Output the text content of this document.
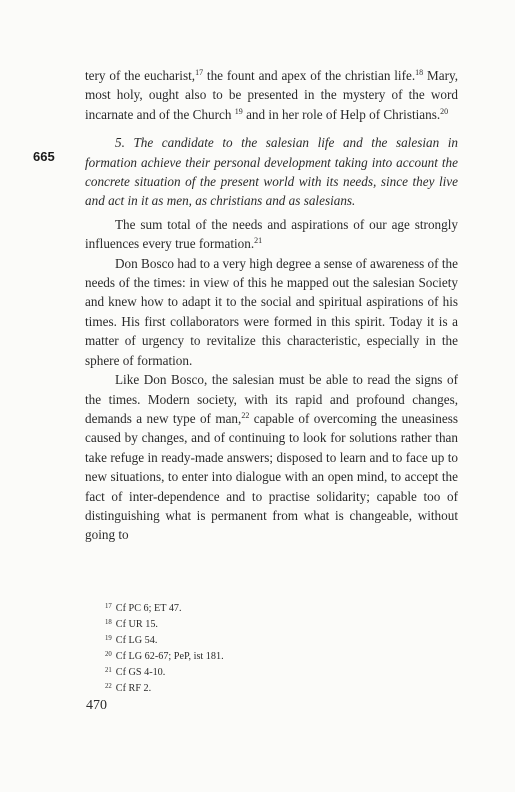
665

tery of the eucharist,$^{17}$ the fount and apex of the christian life.$^{18}$ Mary, most holy, ought also to be presented in the mystery of the word incarnate and of the Church $^{19}$ and in her role of Help of Christians.$^{20}$

5. The candidate to the salesian life and the salesian in formation achieve their personal development taking into account the concrete situation of the present world with its needs, since they live and act in it as men, as christians and as salesians.

The sum total of the needs and aspirations of our age strongly influences every true formation.$^{21}$

Don Bosco had to a very high degree a sense of awareness of the needs of the times: in view of this he mapped out the salesian Society and knew how to adapt it to the social and spiritual aspirations of his times. His first collaborators were formed in this spirit. Today it is a matter of urgency to revitalize this characteristic, especially in the sphere of formation.

Like Don Bosco, the salesian must be able to read the signs of the times. Modern society, with its rapid and profound changes, demands a new type of man,$^{22}$ capable of overcoming the uneasiness caused by changes, and of continuing to look for solutions rather than take refuge in ready-made answers; disposed to learn and to face up to new situations, to enter into dialogue with an open mind, to accept the fact of inter-dependence and to practise solidarity; capable too of distinguishing what is permanent from what is changeable, without going to

$^{17}$ Cf PC 6; ET 47.
$^{18}$ Cf UR 15.
$^{19}$ Cf LG 54.
$^{20}$ Cf LG 62-67; PeP, ist 181.
$^{21}$ Cf GS 4-10.
$^{22}$ Cf RF 2.
470
